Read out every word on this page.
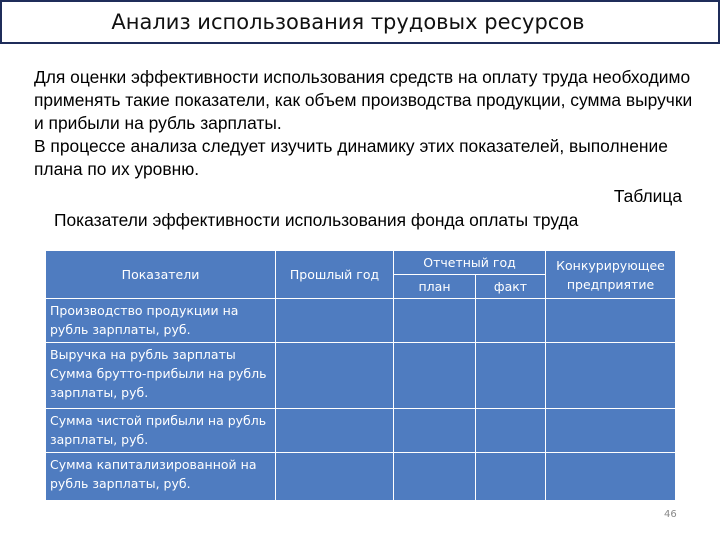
Анализ использования трудовых ресурсов

Для оценки эффективности использования средств на оплату труда необходимо применять такие показатели, как объем производства продукции, сумма выручки и прибыли на рубль зарплаты.

В процессе анализа следует изучить динамику этих показателей, выполнение плана по их уровню.

Таблица
Показатели эффективности использования фонда оплаты труда
Показатели	Прошлый год	Отчетный год		Конкурирующее предприятие
		план	факт	
Производство продукции на рубль зарплаты, руб.				
Выручка на рубль зарплаты Сумма брутто-прибыли на рубль зарплаты, руб.				
Сумма чистой прибыли на рубль зарплаты, руб.				
Сумма капитализированной на рубль зарплаты, руб.				
46
